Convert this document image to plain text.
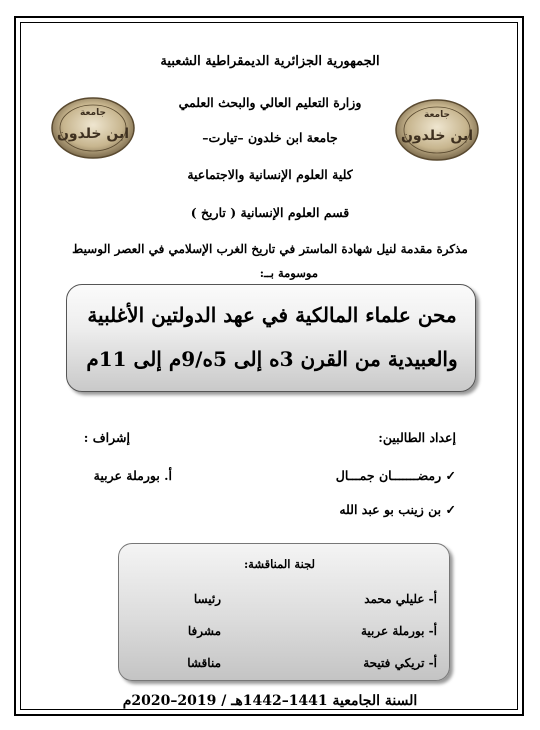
جامعة
ابن خلدون
جامعة
ابن خلدون
الجمهورية الجزائرية الديمقراطية الشعبية
وزارة التعليم العالي والبحث العلمي
جامعة ابن خلدون –تيارت–
كلية العلوم الإنسانية والاجتماعية
قسم العلوم الإنسانية ( تاريخ )
مذكرة مقدمة لنيل شهادة الماستر في تاريخ الغرب الإسلامي في العصر الوسيط
موسومة بــ:
محن علماء المالكية في عهد الدولتين الأغلبية
والعبيدية من القرن 3ه إلى 5ه/9م إلى 11م
إعداد الطالبين:
إشراف :
✓ رمضـــــــان جمـــال
✓ بن زينب بو عبد الله
أ. بورملة عربية
لجنة المناقشة:
أ- عليلي محمد
رئيسا
أ- بورملة عربية
مشرفا
أ- تريكي فتيحة
مناقشا
السنة الجامعية 1441–1442هـ / 2019–2020م
